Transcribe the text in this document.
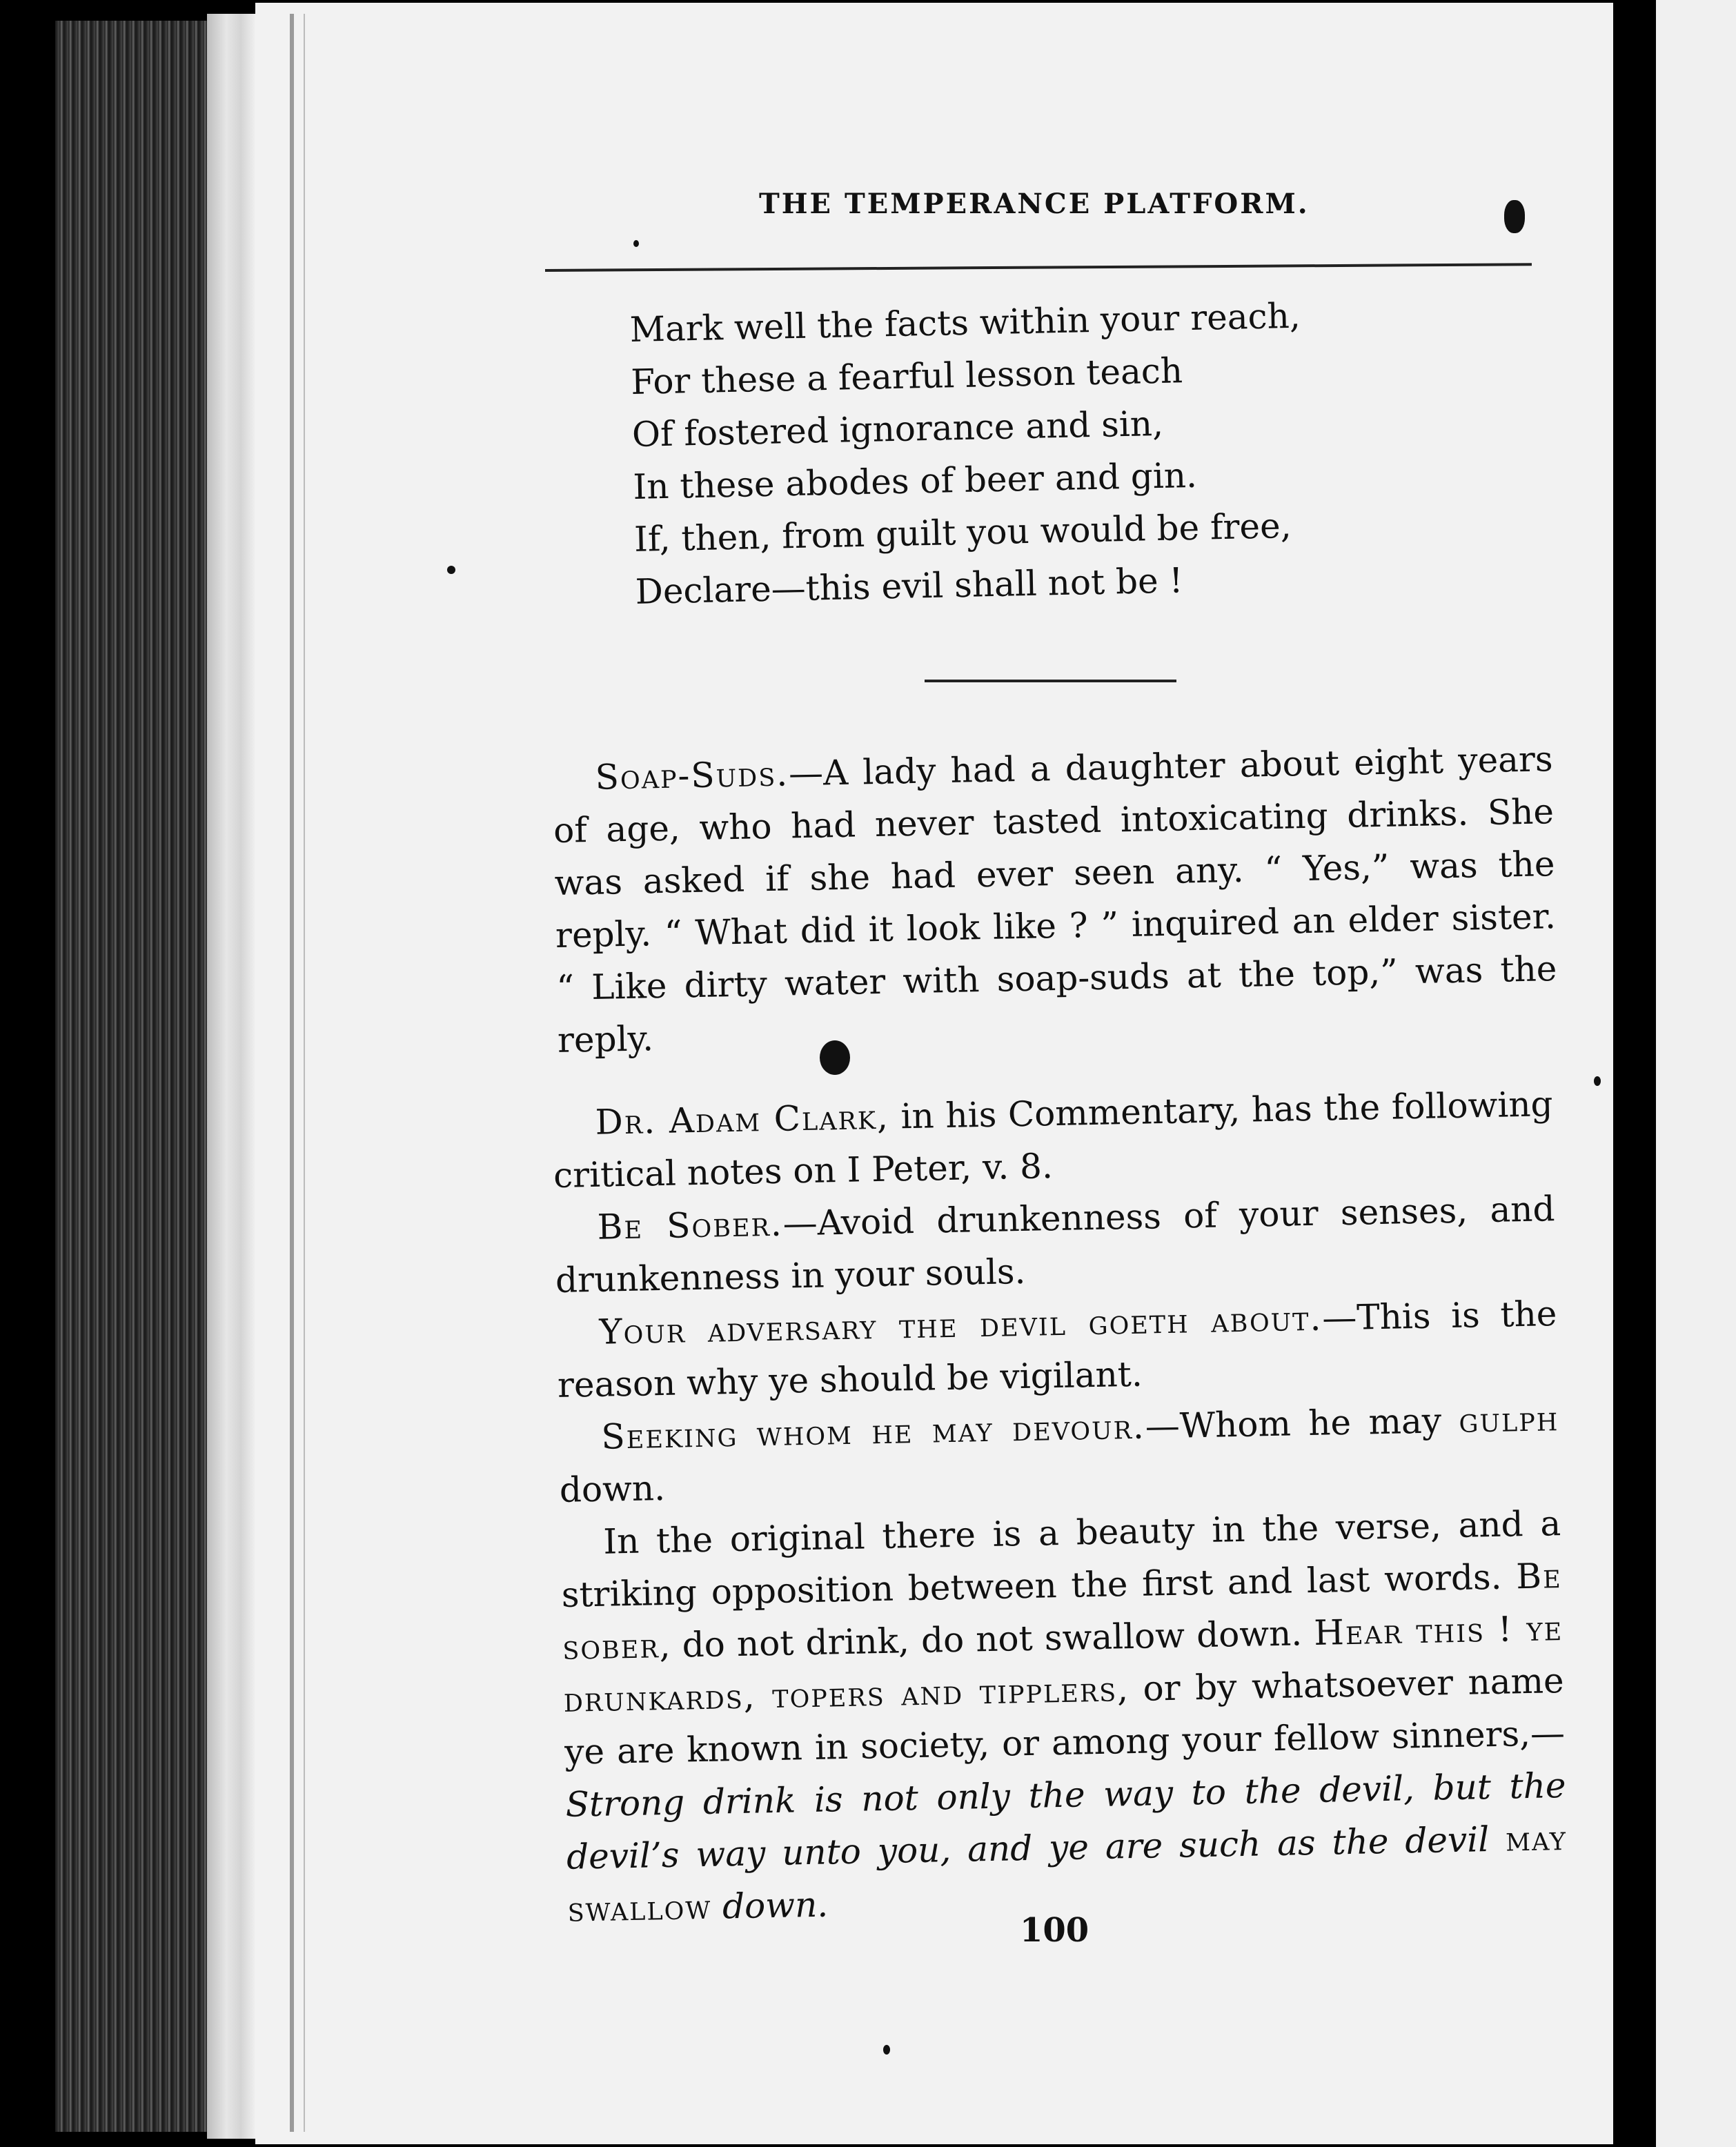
THE TEMPERANCE PLATFORM.
Mark well the facts within your reach,
For these a fearful lesson teach
Of fostered ignorance and sin,
In these abodes of beer and gin.
If, then, from guilt you would be free,
Declare—this evil shall not be !

Soap-Suds.—A lady had a daughter about eight years of age, who had never tasted intoxicating drinks. She was asked if she had ever seen any. “ Yes,” was the reply. “ What did it look like ? ” inquired an elder sister. “ Like dirty water with soap-suds at the top,” was the reply.

Dr. Adam Clark, in his Commentary, has the following critical notes on I Peter, v. 8.

Be Sober.—Avoid drunkenness of your senses, and drunkenness in your souls.

Your adversary the devil goeth about.—This is the reason why ye should be vigilant.

Seeking whom he may devour.—Whom he may gulph down.

In the original there is a beauty in the verse, and a striking opposition between the first and last words. Be sober, do not drink, do not swallow down. Hear this ! ye drunkards, topers and tipplers, or by whatsoever name ye are known in society, or among your fellow sinners,—Strong drink is not only the way to the devil, but the devil’s way unto you, and ye are such as the devil may swallow down.

100
